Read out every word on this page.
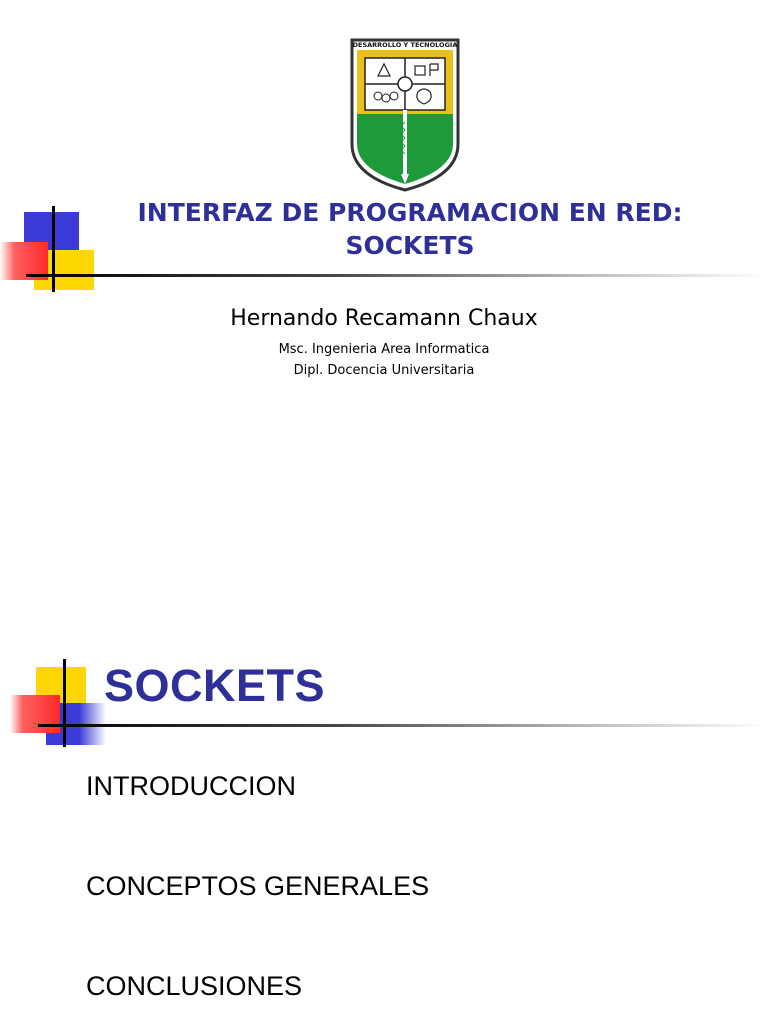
DESARROLLO Y TECNOLOGIA
INTERFAZ DE PROGRAMACION EN RED:
SOCKETS
Hernando Recamann Chaux
Msc. Ingenieria Area Informatica
Dipl. Docencia Universitaria
SOCKETS
INTRODUCCION
CONCEPTOS GENERALES
CONCLUSIONES
